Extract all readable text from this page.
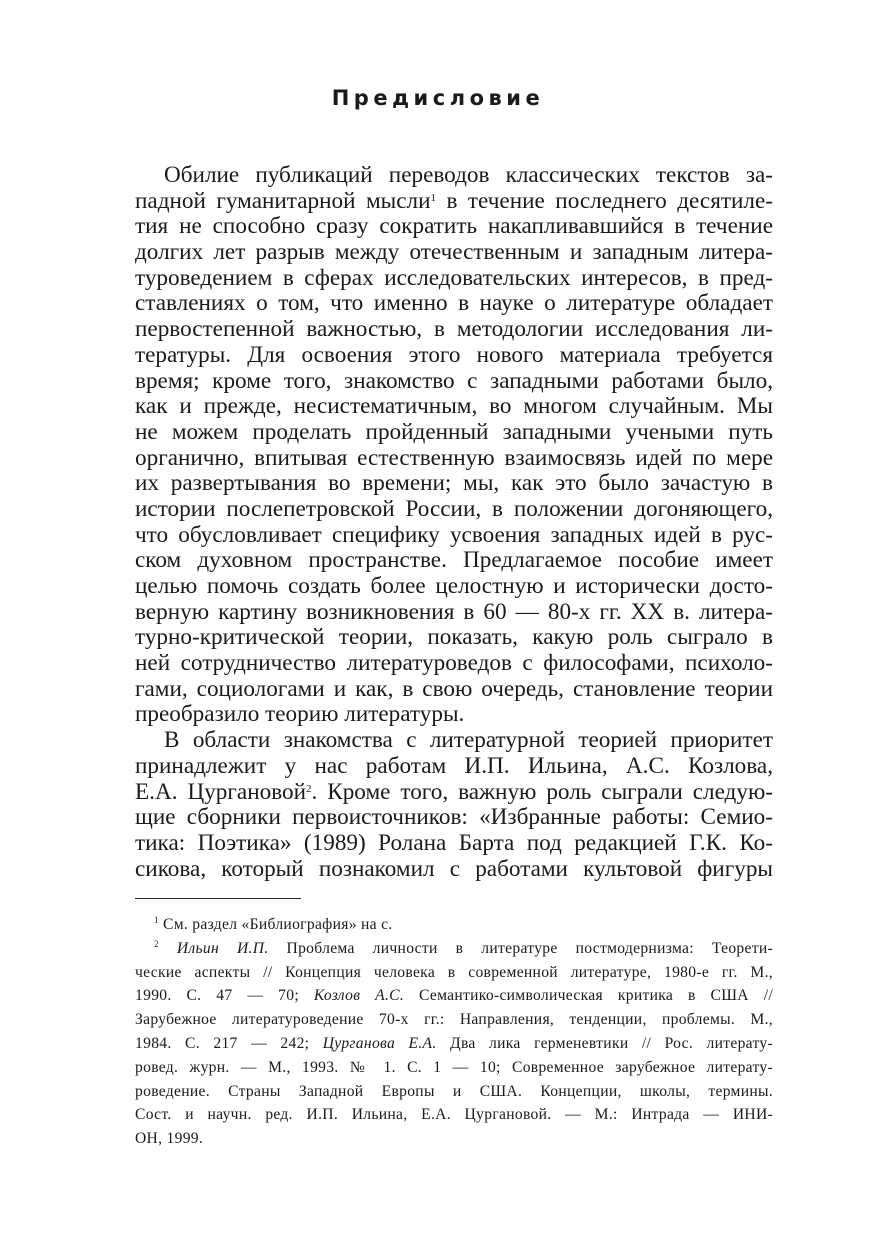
Предисловие
Обилие публикаций переводов классических текстов за-
падной гуманитарной мысли$^1$ в течение последнего десятиле-
тия не способно сразу сократить накапливавшийся в течение
долгих лет разрыв между отечественным и западным литера-
туроведением в сферах исследовательских интересов, в пред-
ставлениях о том, что именно в науке о литературе обладает
первостепенной важностью, в методологии исследования ли-
тературы. Для освоения этого нового материала требуется
время; кроме того, знакомство с западными работами было,
как и прежде, несистематичным, во многом случайным. Мы
не можем проделать пройденный западными учеными путь
органично, впитывая естественную взаимосвязь идей по мере
их развертывания во времени; мы, как это было зачастую в
истории послепетровской России, в положении догоняющего,
что обусловливает специфику усвоения западных идей в рус-
ском духовном пространстве. Предлагаемое пособие имеет
целью помочь создать более целостную и исторически досто-
верную картину возникновения в 60 — 80-х гг. XX в. литера-
турно-критической теории, показать, какую роль сыграло в
ней сотрудничество литературоведов с философами, психоло-
гами, социологами и как, в свою очередь, становление теории
преобразило теорию литературы.
В области знакомства с литературной теорией приоритет
принадлежит у нас работам И.П. Ильина, А.С. Козлова,
Е.А. Цургановой$^2$. Кроме того, важную роль сыграли следую-
щие сборники первоисточников: «Избранные работы: Семио-
тика: Поэтика» (1989) Ролана Барта под редакцией Г.К. Ко-
сикова, который познакомил с работами культовой фигуры
$^1$ См. раздел «Библиография» на с.
$^2$ Ильин И.П. Проблема личности в литературе постмодернизма: Теорети-
ческие аспекты // Концепция человека в современной литературе, 1980-е гг. М.,
1990. С. 47 — 70; Козлов А.С. Семантико-символическая критика в США //
Зарубежное литературоведение 70-х гг.: Направления, тенденции, проблемы. М.,
1984. С. 217 — 242; Цурганова Е.А. Два лика герменевтики // Рос. литерату-
ровед. журн. — М., 1993. № 1. С. 1 — 10; Современное зарубежное литерату-
роведение. Страны Западной Европы и США. Концепции, школы, термины.
Сост. и научн. ред. И.П. Ильина, Е.А. Цургановой. — М.: Интрада — ИНИ-
ОН, 1999.
